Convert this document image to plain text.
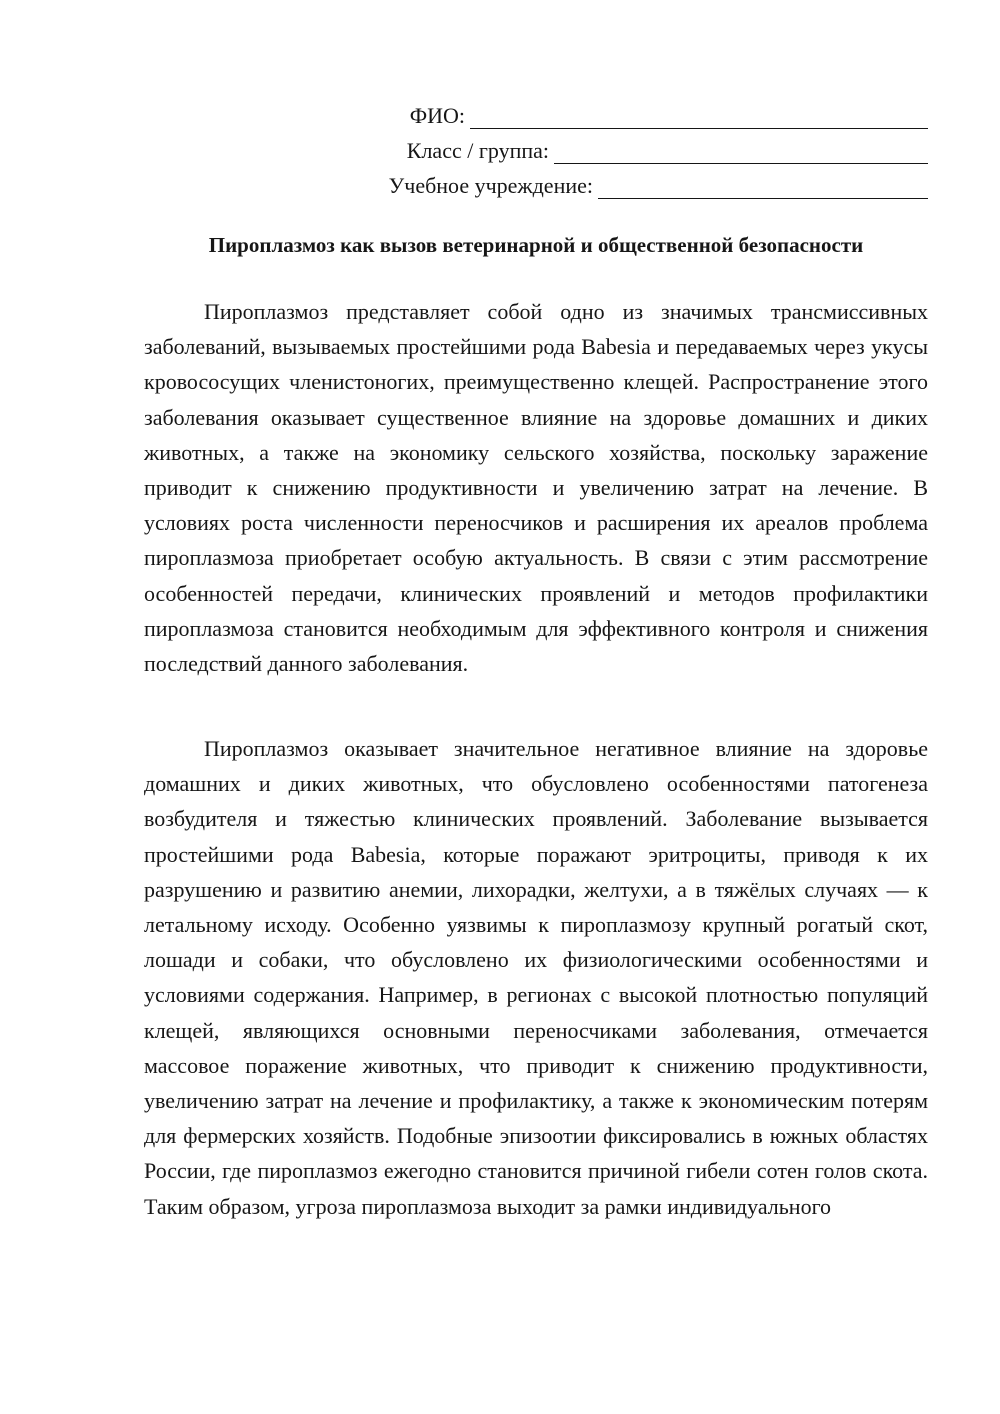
ФИО:
Класс / группа:
Учебное учреждение:
Пироплазмоз как вызов ветеринарной и общественной безопасности

Пироплазмоз представляет собой одно из значимых трансмиссивных заболеваний, вызываемых простейшими рода Babesia и передаваемых через укусы кровососущих членистоногих, преимущественно клещей. Распространение этого заболевания оказывает существенное влияние на здоровье домашних и диких животных, а также на экономику сельского хозяйства, поскольку заражение приводит к снижению продуктивности и увеличению затрат на лечение. В условиях роста численности переносчиков и расширения их ареалов проблема пироплазмоза приобретает особую актуальность. В связи с этим рассмотрение особенностей передачи, клинических проявлений и методов профилактики пироплазмоза становится необходимым для эффективного контроля и снижения последствий данного заболевания.

Пироплазмоз оказывает значительное негативное влияние на здоровье домашних и диких животных, что обусловлено особенностями патогенеза возбудителя и тяжестью клинических проявлений. Заболевание вызывается простейшими рода Babesia, которые поражают эритроциты, приводя к их разрушению и развитию анемии, лихорадки, желтухи, а в тяжёлых случаях — к летальному исходу. Особенно уязвимы к пироплазмозу крупный рогатый скот, лошади и собаки, что обусловлено их физиологическими особенностями и условиями содержания. Например, в регионах с высокой плотностью популяций клещей, являющихся основными переносчиками заболевания, отмечается массовое поражение животных, что приводит к снижению продуктивности, увеличению затрат на лечение и профилактику, а также к экономическим потерям для фермерских хозяйств. Подобные эпизоотии фиксировались в южных областях России, где пироплазмоз ежегодно становится причиной гибели сотен голов скота. Таким образом, угроза пироплазмоза выходит за рамки индивидуального
